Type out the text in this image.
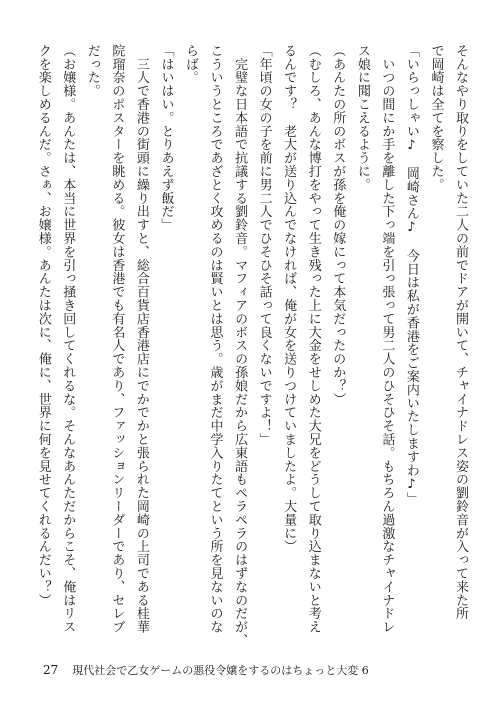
そんなやり取りをしていた二人の前でドアが開いて、チャイナドレス姿の劉鈴音が入って来た所
で岡崎は全てを察した。
「いらっしゃい♪　岡崎さん♪　今日は私が香港をご案内いたしますわ♪」
　いつの間にか手を離した下っ端を引っ張って男二人のひそひそ話。もちろん過激なチャイナドレ
ス娘に聞こえるように。
（あんたの所のボスが孫を俺の嫁にって本気だったのか？）
（むしろ、あんな博打をやって生き残った上に大金をせしめた大兄をどうして取り込まないと考え
るんです？　老大が送り込んでなければ、俺が女を送りつけていましたよ。大量に）
「年頃の女の子を前に男二人でひそひそ話って良くないですよ！」
　完璧な日本語で抗議する劉鈴音。マフィアのボスの孫娘だから広東語もペラペラのはずなのだが、
こういうところであざとく攻めるのは賢いとは思う。歳がまだ中学入りたてという所を見ないのな
らば。
「はいはい。とりあえず飯だ」
　三人で香港の街頭に繰り出すと、総合百貨店香港店にでかでかと張られた岡崎の上司である桂華
院瑠奈のポスターを眺める。彼女は香港でも有名人であり、ファッションリーダーであり、セレブ
だった。
（お嬢様。あんたは、本当に世界を引っ掻き回してくれるな。そんなあんただからこそ、俺はリス
クを楽しめるんだ。さぁ、お嬢様。あんたは次に、俺に、世界に何を見せてくれるんだい？）
27 現代社会で乙女ゲームの悪役令嬢をするのはちょっと大変 6
